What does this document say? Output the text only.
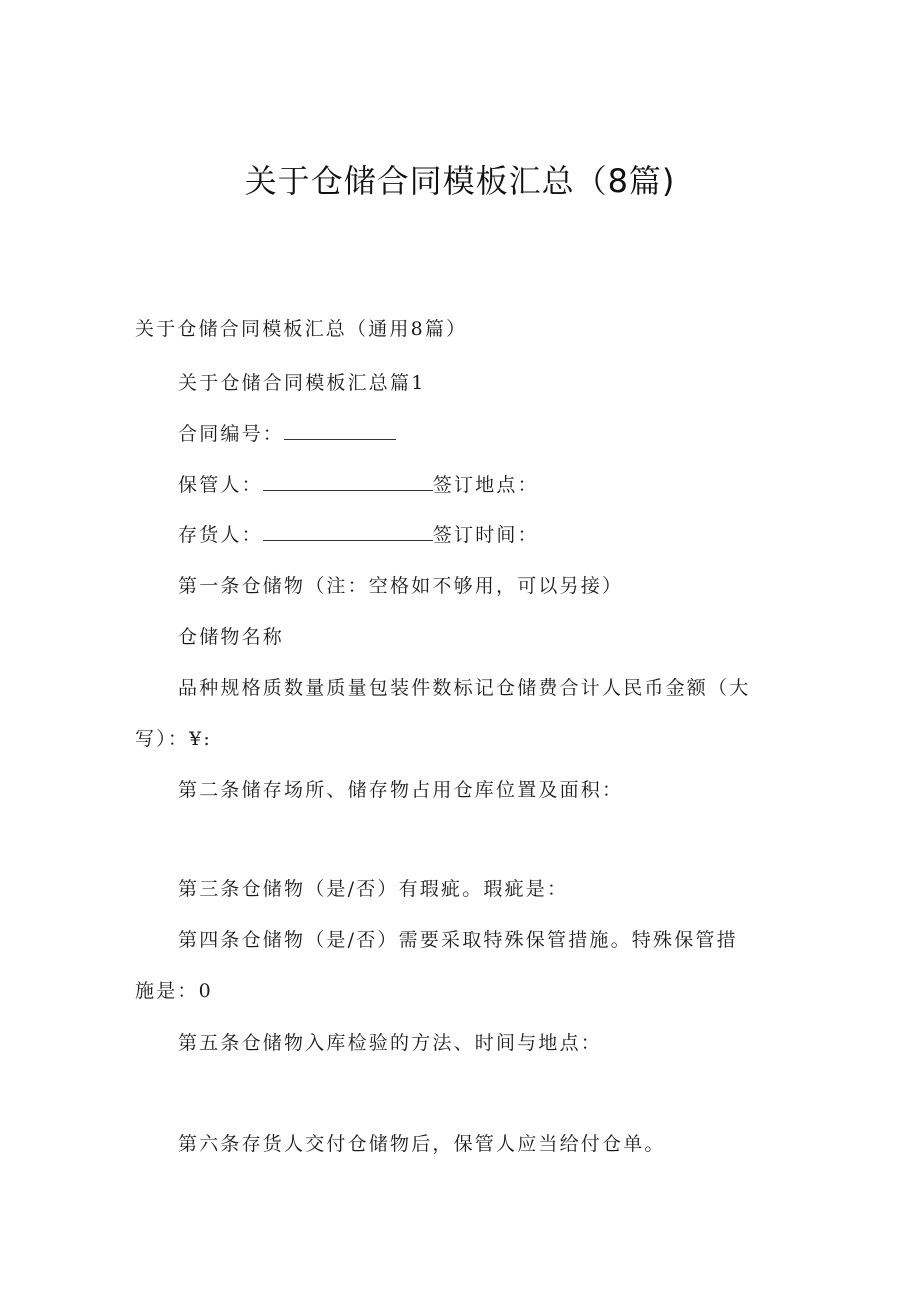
关于仓储合同模板汇总（8篇)
关于仓储合同模板汇总（通用8篇）
关于仓储合同模板汇总篇1
合同编号：
保管人：	签订地点：
存货人：	签订时间：
第一条仓储物（注：空格如不够用，可以另接）
仓储物名称
品种规格质数量质量包装件数标记仓储费合计人民币金额（大
写）：¥:
第二条储存场所、储存物占用仓库位置及面积：
第三条仓储物（是/否）有瑕疵。瑕疵是：
第四条仓储物（是/否）需要采取特殊保管措施。特殊保管措
施是：0
第五条仓储物入库检验的方法、时间与地点：
第六条存货人交付仓储物后，保管人应当给付仓单。
